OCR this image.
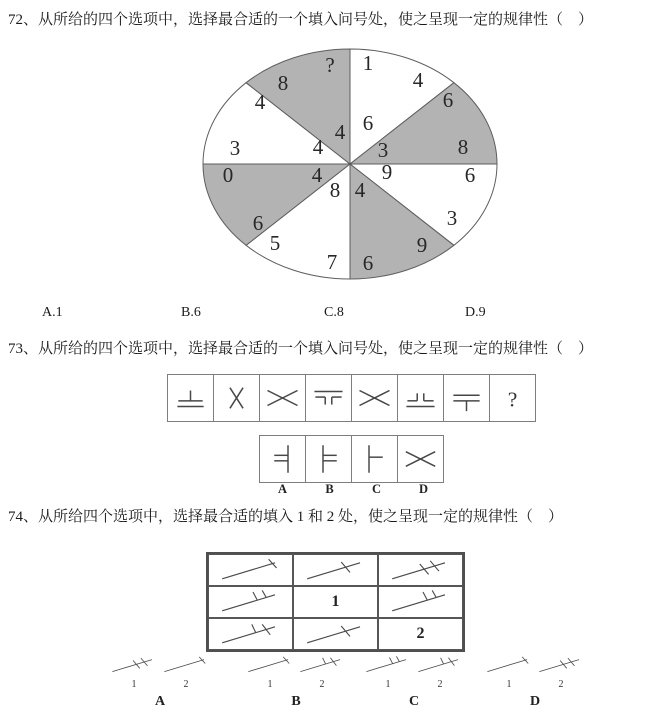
72、从所给的四个选项中，选择最合适的一个填入问号处，使之呈现一定的规律性（　）
1
4
6
6
8
3
6
3
9
9
6
4
7
5
8
6
0	4
3
4
4
8
?
4
A.1	B.6	C.8	D.9
73、从所给的四个选项中，选择最合适的一个填入问号处，使之呈现一定的规律性（　）
?
A	B	C	D
74、从所给四个选项中，选择最合适的填入 1 和 2 处，使之呈现一定的规律性（　）
1
2
1	2
A
1	2
B
1	2
C
1	2
D
